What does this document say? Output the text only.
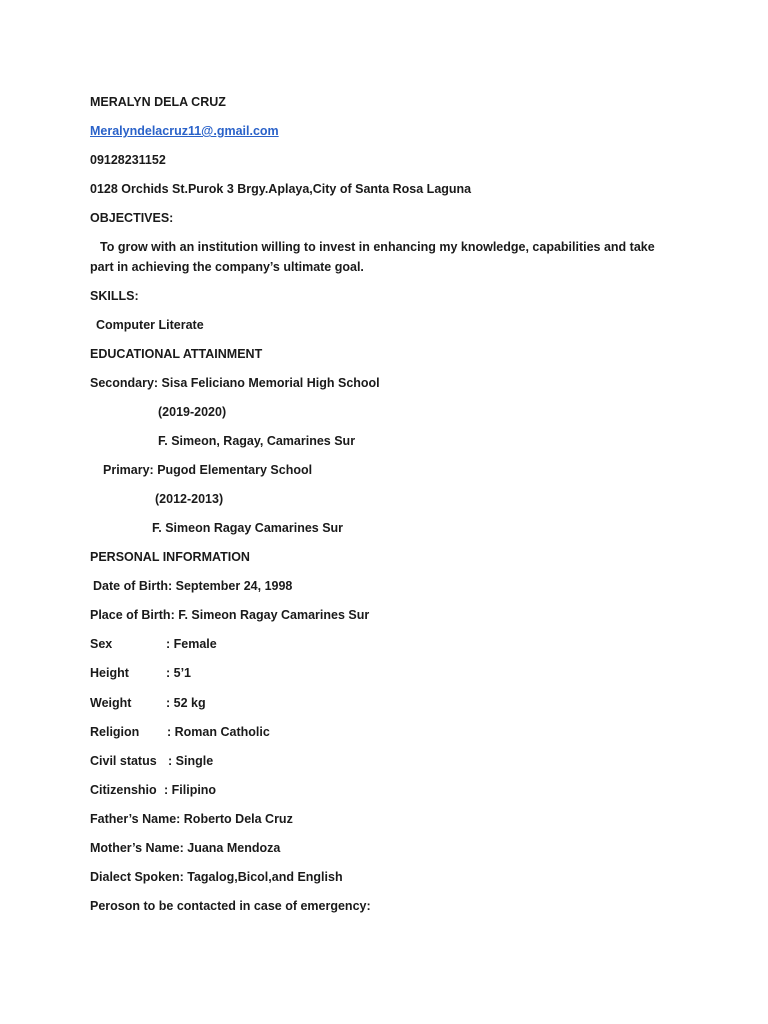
MERALYN DELA CRUZ
Meralyndelacruz11@.gmail.com
09128231152
0128 Orchids St.Purok 3 Brgy.Aplaya,City of Santa Rosa Laguna
OBJECTIVES:
To grow with an institution willing to invest in enhancing my knowledge, capabilities and take part in achieving the company’s ultimate goal.
SKILLS:
Computer Literate
EDUCATIONAL ATTAINMENT
Secondary: Sisa Feliciano Memorial High School
(2019-2020)
F. Simeon, Ragay, Camarines Sur
Primary: Pugod Elementary School
(2012-2013)
F. Simeon Ragay Camarines Sur
PERSONAL INFORMATION
Date of Birth: September 24, 1998
Place of Birth: F. Simeon Ragay Camarines Sur
Sex	: Female
Height	: 5’1
Weight	: 52 kg
Religion : Roman Catholic
Civil status : Single
Citizenshio : Filipino
Father’s Name: Roberto Dela Cruz
Mother’s Name: Juana Mendoza
Dialect Spoken: Tagalog,Bicol,and English
Peroson to be contacted in case of emergency:
